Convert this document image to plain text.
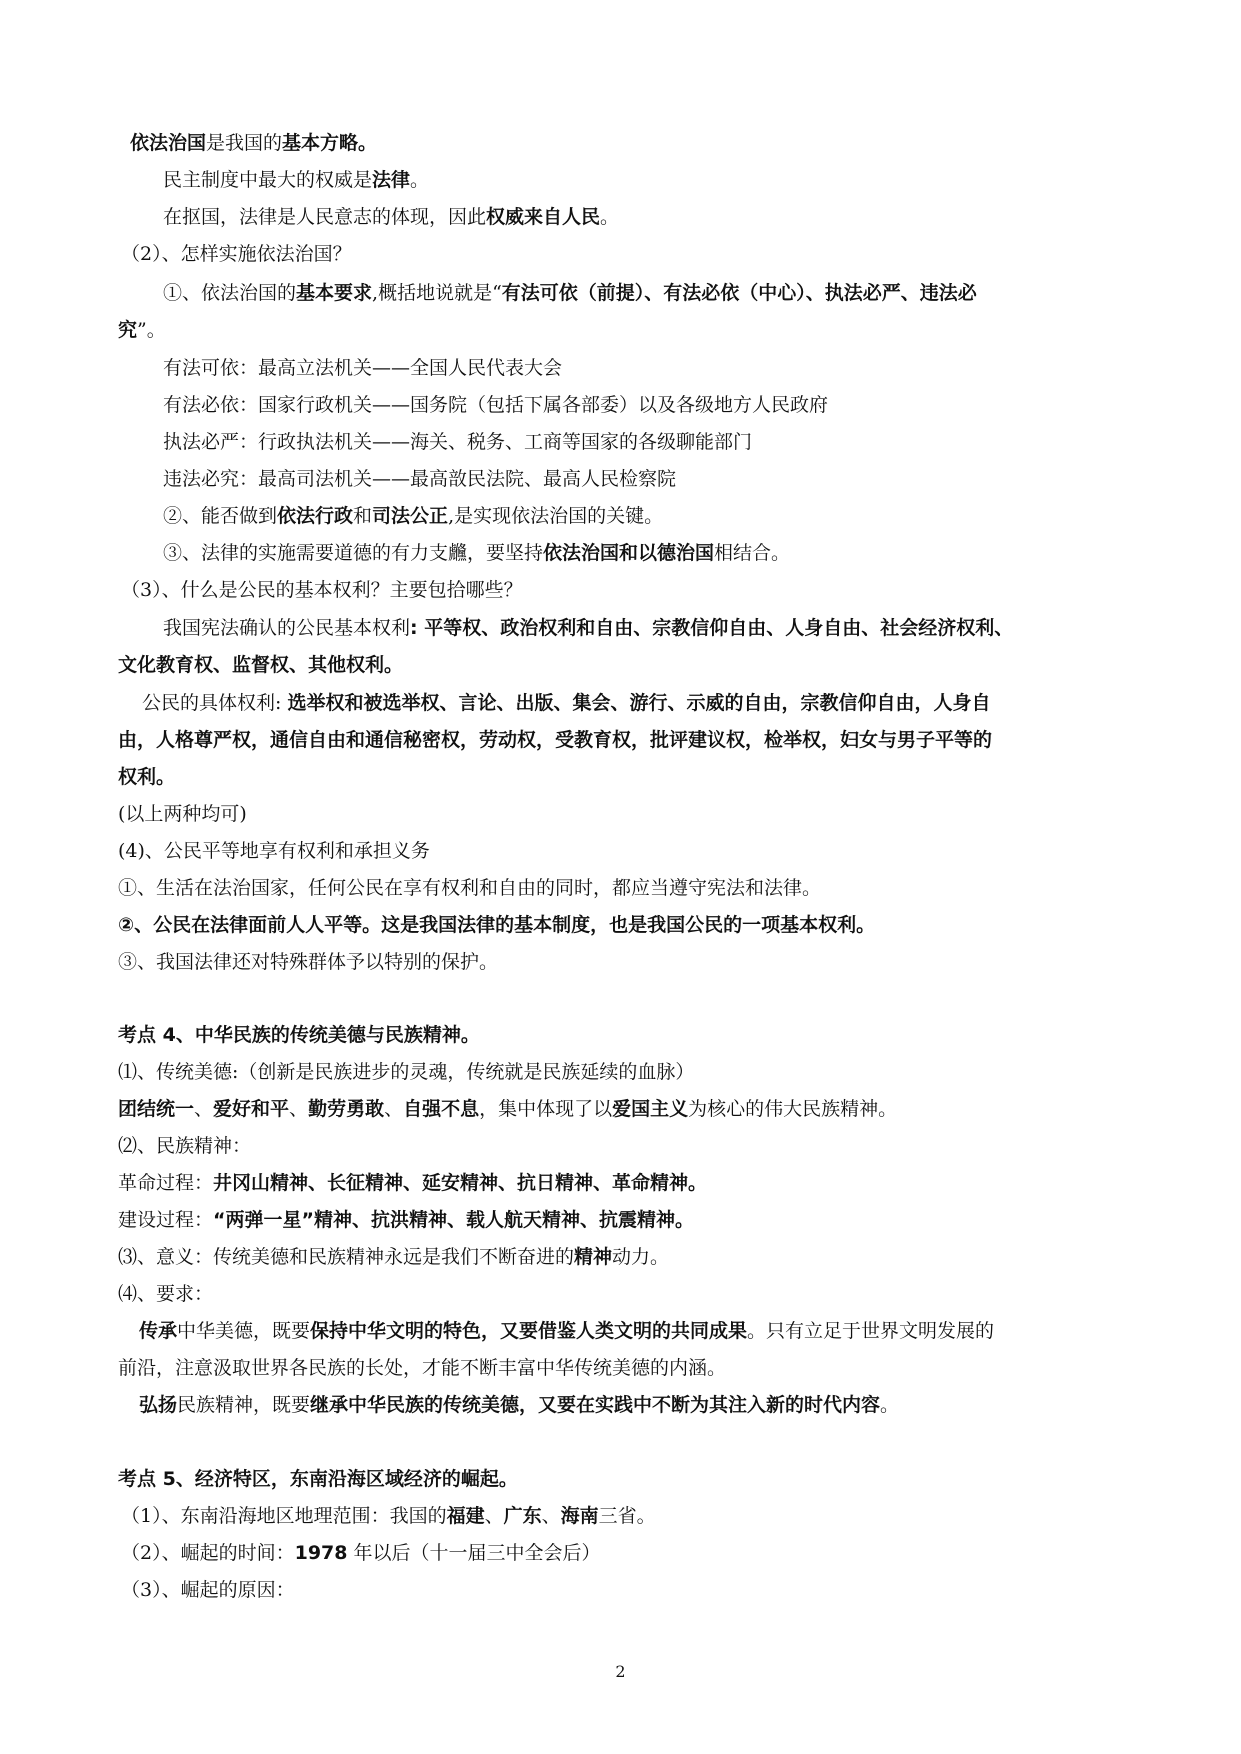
依法治国是我国的基本方略。
民主制度中最大的权威是法律。
在抠国，法律是人民意志的体现，因此权威来自人民。
（2）、怎样实施依法治国？
①、依法治国的基本要求,概括地说就是“有法可依（前提）、有法必依（中心）、执法必严、违法必
究”。
有法可依：最高立法机关——全国人民代表大会
有法必依：国家行政机关——国务院（包括下属各部委）以及各级地方人民政府
执法必严：行政执法机关——海关、税务、工商等国家的各级聊能部门
违法必究：最高司法机关——最高敨民法院、最高人民检察院
②、能否做到依法行政和司法公正,是实现依法治国的关键。
③、法律的实施需要道德的有力支虪，要坚持依法治国和以德治国相结合。
（3）、什么是公民的基本权利？主要包拾哪些？
我国宪法确认的公民基本权利: 平等权、政治权利和自由、宗教信仰自由、人身自由、社会经济权利、
文化教育权、监督权、其他权利。
公民的具体权利: 选举权和被选举权、言论、出版、集会、游行、示威的自由，宗教信仰自由，人身自
由，人格尊严权，通信自由和通信秘密权，劳动权，受教育权，批评建议权，检举权，妇女与男子平等的
权利。
(以上两种均可)
(4)、公民平等地享有权利和承担义务
①、生活在法治国家，任何公民在享有权利和自由的同时，都应当遵守宪法和法律。
②、公民在法律面前人人平等。这是我国法律的基本制度，也是我国公民的一项基本权利。
③、我国法律还对特殊群体予以特别的保护。
考点 4、中华民族的传统美德与民族精神。
⑴、传统美德:（创新是民族进步的灵魂，传统就是民族延续的血脉）
团结统一、爱好和平、勤劳勇敢、自强不息，集中体现了以爱国主义为核心的伟大民族精神。
⑵、民族精神：
革命过程：井冈山精神、长征精神、延安精神、抗日精神、革命精神。
建设过程：“两弹一星”精神、抗洪精神、载人航天精神、抗震精神。
⑶、意义：传统美德和民族精神永远是我们不断奋进的精神动力。
⑷、要求：
传承中华美德，既要保持中华文明的特色，又要借鉴人类文明的共同成果。只有立足于世界文明发展的
前沿，注意汲取世界各民族的长处，才能不断丰富中华传统美德的内涵。
弘扬民族精神，既要继承中华民族的传统美德，又要在实践中不断为其注入新的时代内容。
考点 5、经济特区，东南沿海区域经济的崛起。
（1）、东南沿海地区地理范围：我国的福建、广东、海南三省。
（2）、崛起的时间：1978 年以后（十一届三中全会后）
（3）、崛起的原因：
2
